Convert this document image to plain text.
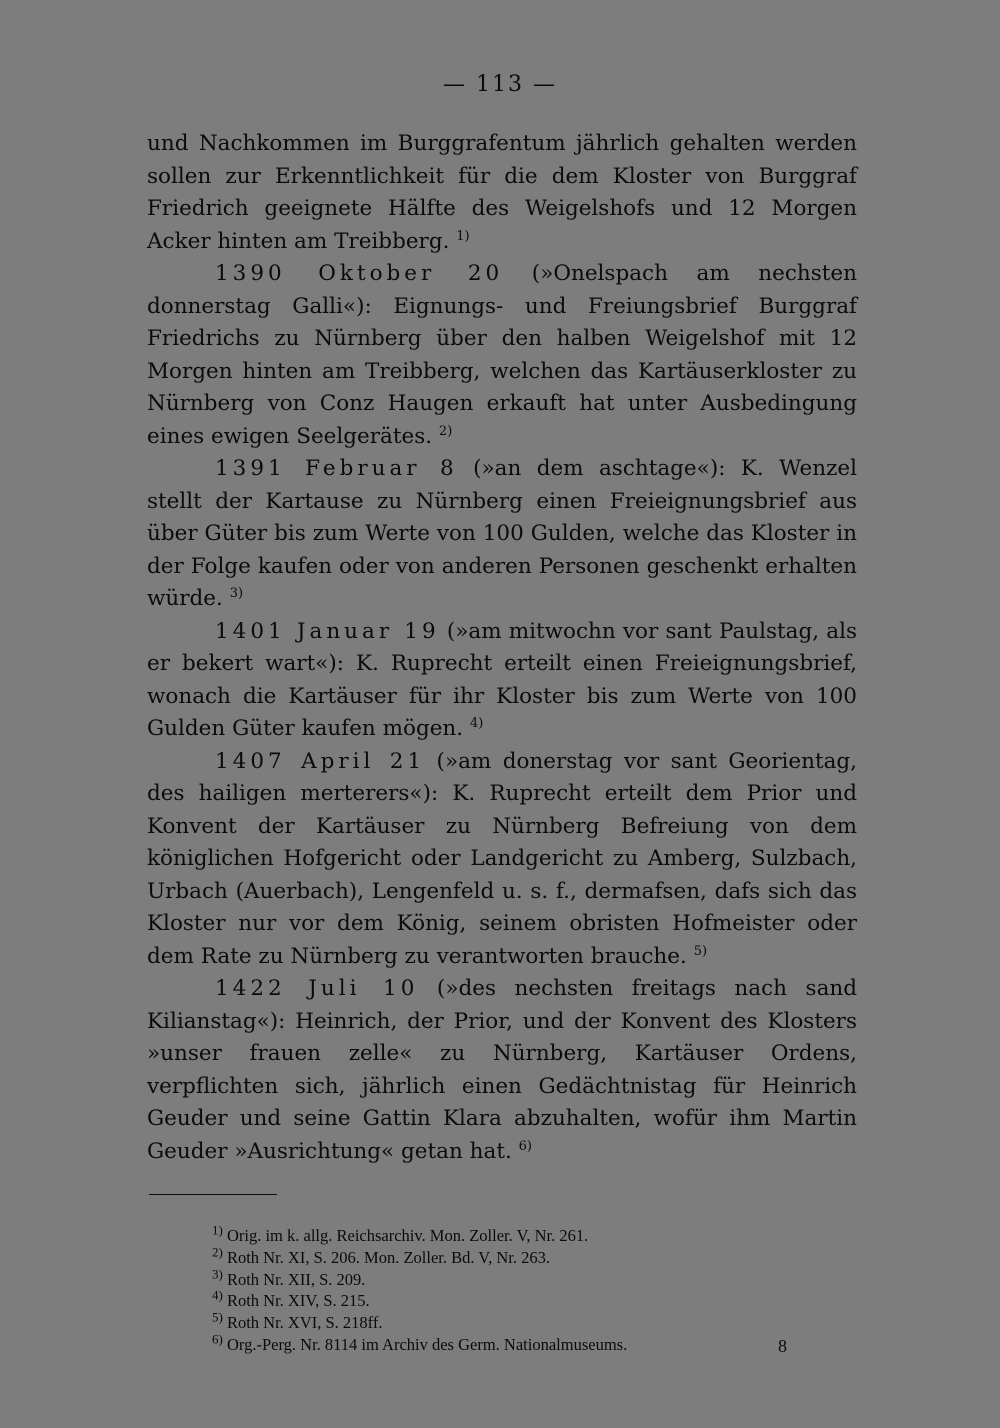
— 113 —

und Nachkommen im Burggrafentum jährlich gehalten werden sollen zur Erkenntlichkeit für die dem Kloster von Burggraf Friedrich geeignete Hälfte des Weigelshofs und 12 Morgen Acker hinten am Treibberg. $^{1)}$

1390 Oktober 20 (»Onelspach am nechsten donnerstag Galli«): Eignungs- und Freiungsbrief Burggraf Friedrichs zu Nürnberg über den halben Weigelshof mit 12 Morgen hinten am Treibberg, welchen das Kartäuserkloster zu Nürnberg von Conz Haugen erkauft hat unter Ausbedingung eines ewigen Seelgerätes. $^{2)}$

1391 Februar 8 (»an dem aschtage«): K. Wenzel stellt der Kartause zu Nürnberg einen Freieignungsbrief aus über Güter bis zum Werte von 100 Gulden, welche das Kloster in der Folge kaufen oder von anderen Personen geschenkt erhalten würde. $^{3)}$

1401 Januar 19 (»am mitwochn vor sant Paulstag, als er bekert wart«): K. Ruprecht erteilt einen Freieignungsbrief, wonach die Kartäuser für ihr Kloster bis zum Werte von 100 Gulden Güter kaufen mögen. $^{4)}$

1407 April 21 (»am donerstag vor sant Georientag, des hailigen merterers«): K. Ruprecht erteilt dem Prior und Konvent der Kartäuser zu Nürnberg Befreiung von dem königlichen Hofgericht oder Landgericht zu Amberg, Sulzbach, Urbach (Auerbach), Lengenfeld u. s. f., dermafsen, dafs sich das Kloster nur vor dem König, seinem obristen Hofmeister oder dem Rate zu Nürnberg zu verantworten brauche. $^{5)}$

1422 Juli 10 (»des nechsten freitags nach sand Kilianstag«): Heinrich, der Prior, und der Konvent des Klosters »unser frauen zelle« zu Nürnberg, Kartäuser Ordens, verpflichten sich, jährlich einen Gedächtnistag für Heinrich Geuder und seine Gattin Klara abzuhalten, wofür ihm Martin Geuder »Ausrichtung« getan hat. $^{6)}$

$^{1)}$ Orig. im k. allg. Reichsarchiv. Mon. Zoller. V, Nr. 261.

$^{2)}$ Roth Nr. XI, S. 206. Mon. Zoller. Bd. V, Nr. 263.

$^{3)}$ Roth Nr. XII, S. 209.

$^{4)}$ Roth Nr. XIV, S. 215.

$^{5)}$ Roth Nr. XVI, S. 218ff.

$^{6)}$ Org.-Perg. Nr. 8114 im Archiv des Germ. Nationalmuseums.	8
